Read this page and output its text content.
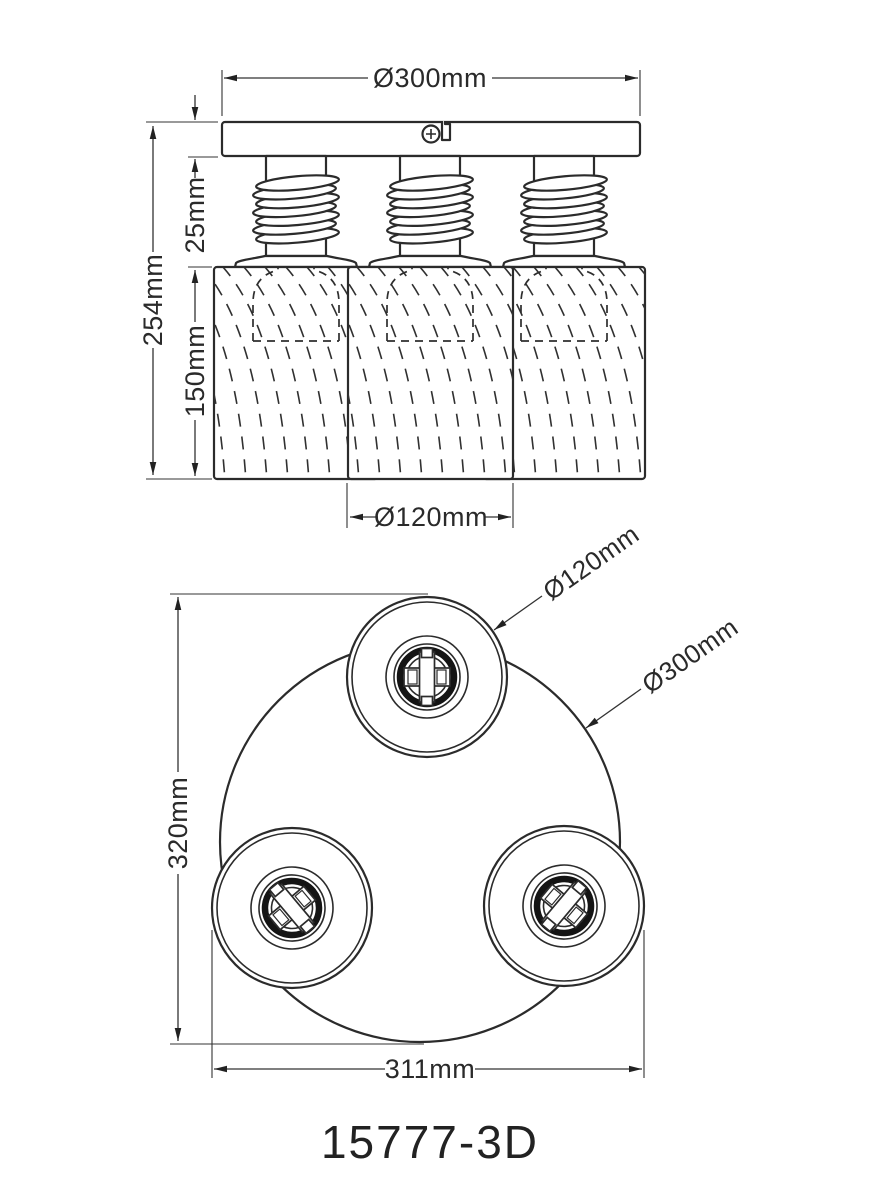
Ø300mm
254mm
25mm
150mm
Ø120mm
Ø120mm
Ø300mm
320mm
311mm
15777-3D
